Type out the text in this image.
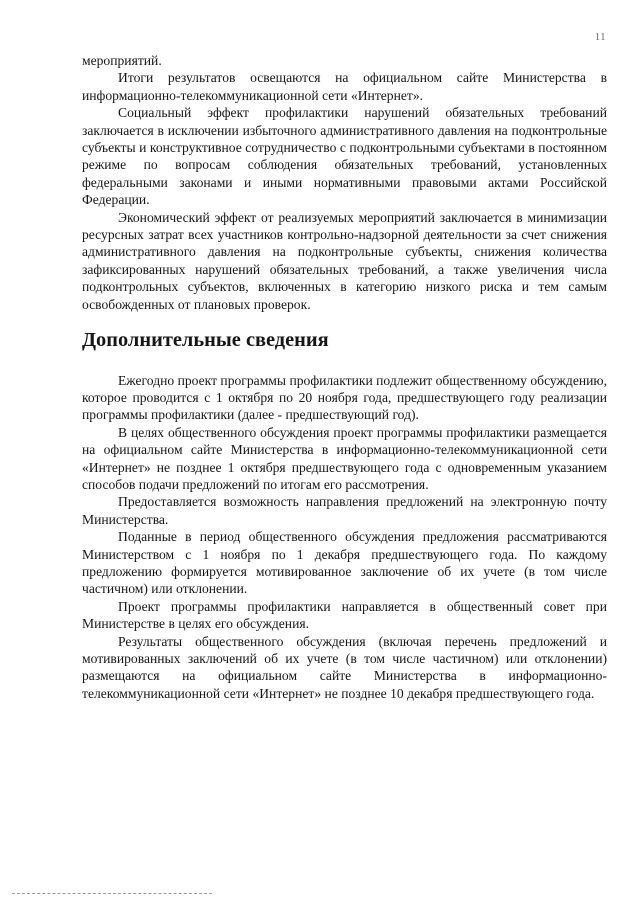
11

мероприятий.

Итоги результатов освещаются на официальном сайте Министерства в информационно-телекоммуникационной сети «Интернет».

Социальный эффект профилактики нарушений обязательных требований заключается в исключении избыточного административного давления на подконтрольные субъекты и конструктивное сотрудничество с подконтрольными субъектами в постоянном режиме по вопросам соблюдения обязательных требований, установленных федеральными законами и иными нормативными правовыми актами Российской Федерации.

Экономический эффект от реализуемых мероприятий заключается в минимизации ресурсных затрат всех участников контрольно-надзорной деятельности за счет снижения административного давления на подконтрольные субъекты, снижения количества зафиксированных нарушений обязательных требований, а также увеличения числа подконтрольных субъектов, включенных в категорию низкого риска и тем самым освобожденных от плановых проверок.

Дополнительные сведения

Ежегодно проект программы профилактики подлежит общественному обсуждению, которое проводится с 1 октября по 20 ноября года, предшествующего году реализации программы профилактики (далее - предшествующий год).

В целях общественного обсуждения проект программы профилактики размещается на официальном сайте Министерства в информационно-телекоммуникационной сети «Интернет» не позднее 1 октября предшествующего года с одновременным указанием способов подачи предложений по итогам его рассмотрения.

Предоставляется возможность направления предложений на электронную почту Министерства.

Поданные в период общественного обсуждения предложения рассматриваются Министерством с 1 ноября по 1 декабря предшествующего года. По каждому предложению формируется мотивированное заключение об их учете (в том числе частичном) или отклонении.

Проект программы профилактики направляется в общественный совет при Министерстве в целях его обсуждения.

Результаты общественного обсуждения (включая перечень предложений и мотивированных заключений об их учете (в том числе частичном) или отклонении) размещаются на официальном сайте Министерства в информационно-телекоммуникационной сети «Интернет» не позднее 10 декабря предшествующего года.
